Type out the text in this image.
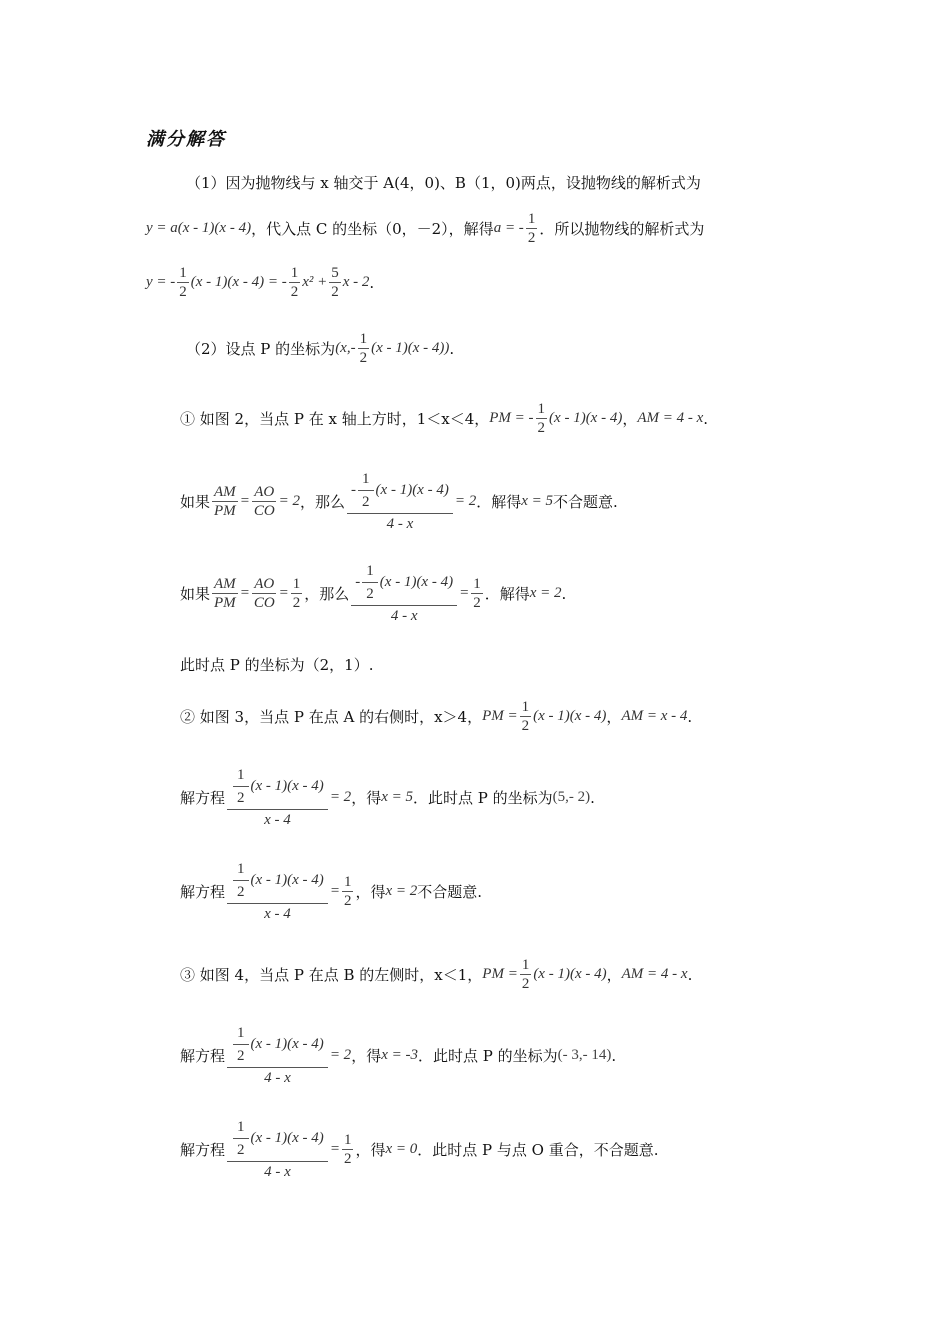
满分解答
（1）因为抛物线与 x 轴交于 A(4，0)、B（1，0)两点，设抛物线的解析式为
y = a(x - 1)(x - 4) ，代入点 C 的坐标（0，－2），解得 a = - $\frac{1}{2}$ ．所以抛物线的解析式为
y = - $\frac{1}{2} (x - 1)(x - 4)$ = - $\frac{1}{2} x^2 + \frac{5}{2}$ x - 2 .
（2）设点 P 的坐标为 $(x,- \frac{1}{2} (x - 1)(x - 4))$ .
① 如图 2，当点 P 在 x 轴上方时，1＜x＜4， PM = - $\frac{1}{2} (x - 1)(x - 4)$ ， AM = 4 - x .
如果 $\frac{AM}{PM} = \frac{AO}{CO} = 2$ ，那么 $\frac{- \frac{1}{2} (x - 1)(x - 4)}{4 - x} = 2$ ．解得 x = 5 不合题意.
如果 $\frac{AM}{PM} = \frac{AO}{CO} = \frac{1}{2}$ ，那么 $\frac{- \frac{1}{2} (x - 1)(x - 4)}{4 - x} = \frac{1}{2}$ ．解得 x = 2 .
此时点 P 的坐标为（2，1）.
② 如图 3，当点 P 在点 A 的右侧时，x＞4， PM = $\frac{1}{2} (x - 1)(x - 4)$ ， AM = x - 4 .
解方程 $\frac{\frac{1}{2} (x - 1)(x - 4)}{x - 4} = 2$ ，得 x = 5 ．此时点 P 的坐标为 (5,- 2) .
解方程 $\frac{\frac{1}{2} (x - 1)(x - 4)}{x - 4} = \frac{1}{2}$ ，得 x = 2 不合题意.
③ 如图 4，当点 P 在点 B 的左侧时，x＜1， PM = $\frac{1}{2} (x - 1)(x - 4)$ ， AM = 4 - x .
解方程 $\frac{\frac{1}{2} (x - 1)(x - 4)}{4 - x} = 2$ ，得 x = -3 ．此时点 P 的坐标为 (- 3,- 14) .
解方程 $\frac{\frac{1}{2} (x - 1)(x - 4)}{4 - x} = \frac{1}{2}$ ，得 x = 0 ．此时点 P 与点 O 重合，不合题意.
